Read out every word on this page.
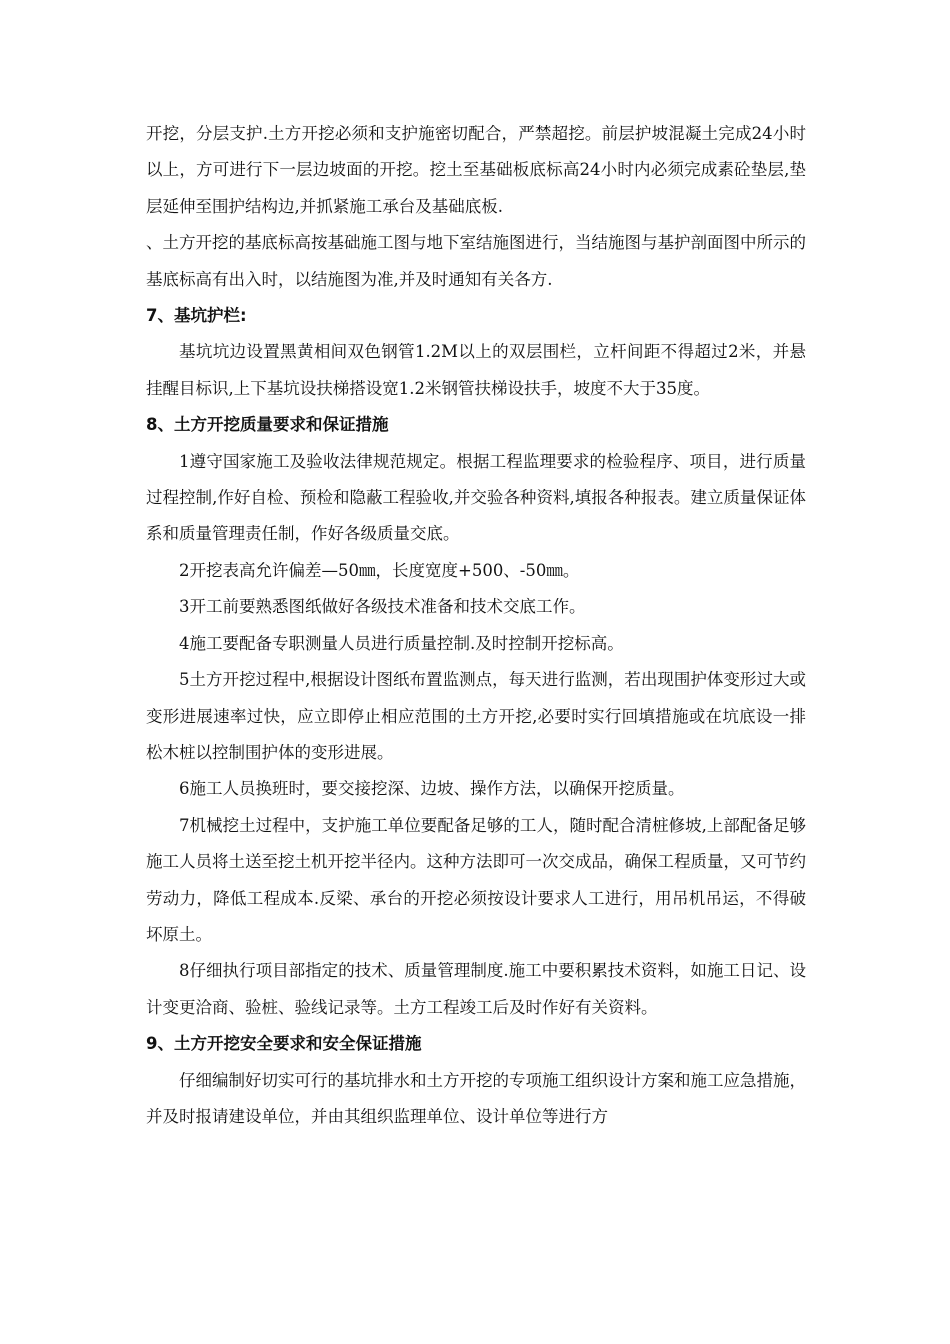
开挖，分层支护.土方开挖必须和支护施密切配合，严禁超挖。前层护坡混凝土完成24小时以上，方可进行下一层边坡面的开挖。挖土至基础板底标高24小时内必须完成素砼垫层,垫层延伸至围护结构边,并抓紧施工承台及基础底板.

、土方开挖的基底标高按基础施工图与地下室结施图进行，当结施图与基护剖面图中所示的基底标高有出入时，以结施图为准,并及时通知有关各方.

7、基坑护栏:

基坑坑边设置黑黄相间双色钢管1.2M以上的双层围栏，立杆间距不得超过2米，并悬挂醒目标识,上下基坑设扶梯搭设宽1.2米钢管扶梯设扶手，坡度不大于35度。

8、土方开挖质量要求和保证措施

1遵守国家施工及验收法律规范规定。根据工程监理要求的检验程序、项目，进行质量过程控制,作好自检、预检和隐蔽工程验收,并交验各种资料,填报各种报表。建立质量保证体系和质量管理责任制，作好各级质量交底。

2开挖表高允许偏差—50㎜，长度宽度+500、-50㎜。

3开工前要熟悉图纸做好各级技术准备和技术交底工作。

4施工要配备专职测量人员进行质量控制.及时控制开挖标高。

5土方开挖过程中,根据设计图纸布置监测点，每天进行监测，若出现围护体变形过大或变形进展速率过快，应立即停止相应范围的土方开挖,必要时实行回填措施或在坑底设一排松木桩以控制围护体的变形进展。

6施工人员换班时，要交接挖深、边坡、操作方法，以确保开挖质量。

7机械挖土过程中，支护施工单位要配备足够的工人，随时配合清桩修坡,上部配备足够施工人员将土送至挖土机开挖半径内。这种方法即可一次交成品，确保工程质量，又可节约劳动力，降低工程成本.反梁、承台的开挖必须按设计要求人工进行，用吊机吊运，不得破坏原土。

8仔细执行项目部指定的技术、质量管理制度.施工中要积累技术资料，如施工日记、设计变更洽商、验桩、验线记录等。土方工程竣工后及时作好有关资料。

9、土方开挖安全要求和安全保证措施

仔细编制好切实可行的基坑排水和土方开挖的专项施工组织设计方案和施工应急措施，并及时报请建设单位，并由其组织监理单位、设计单位等进行方
